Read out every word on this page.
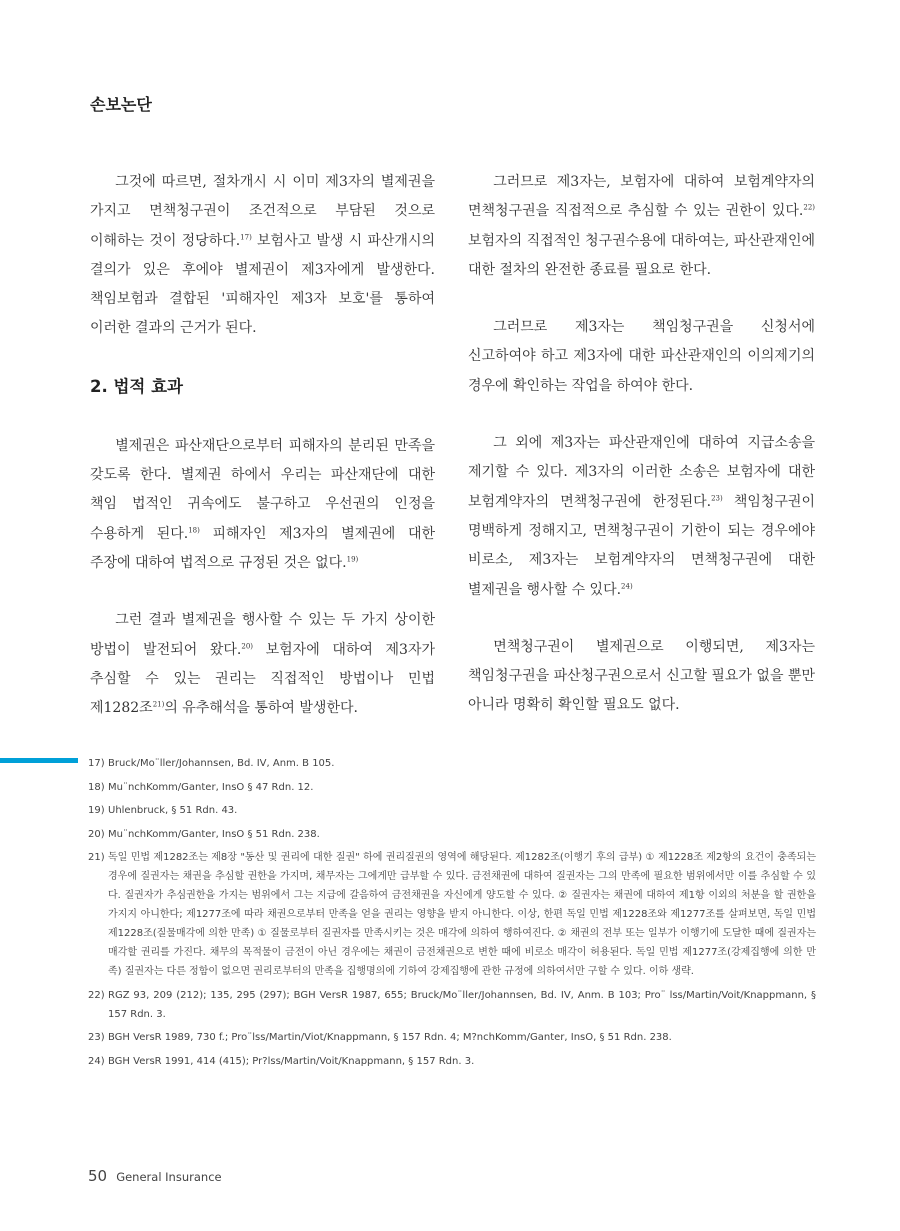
손보논단

그것에 따르면, 절차개시 시 이미 제3자의 별제권을 가지고 면책청구권이 조건적으로 부담된 것으로 이해하는 것이 정당하다.$^{17)}$ 보험사고 발생 시 파산개시의 결의가 있은 후에야 별제권이 제3자에게 발생한다. 책임보험과 결합된 '피해자인 제3자 보호'를 통하여 이러한 결과의 근거가 된다.

2. 법적 효과

별제권은 파산재단으로부터 피해자의 분리된 만족을 갖도록 한다. 별제권 하에서 우리는 파산재단에 대한 책임 법적인 귀속에도 불구하고 우선권의 인정을 수용하게 된다.$^{18)}$ 피해자인 제3자의 별제권에 대한 주장에 대하여 법적으로 규정된 것은 없다.$^{19)}$

그런 결과 별제권을 행사할 수 있는 두 가지 상이한 방법이 발전되어 왔다.$^{20)}$ 보험자에 대하여 제3자가 추심할 수 있는 권리는 직접적인 방법이나 민법 제1282조$^{21)}$의 유추해석을 통하여 발생한다.

그러므로 제3자는, 보험자에 대하여 보험계약자의 면책청구권을 직접적으로 추심할 수 있는 권한이 있다.$^{22)}$ 보험자의 직접적인 청구권수용에 대하여는, 파산관재인에 대한 절차의 완전한 종료를 필요로 한다.

그러므로 제3자는 책임청구권을 신청서에 신고하여야 하고 제3자에 대한 파산관재인의 이의제기의 경우에 확인하는 작업을 하여야 한다.

그 외에 제3자는 파산관재인에 대하여 지급소송을 제기할 수 있다. 제3자의 이러한 소송은 보험자에 대한 보험계약자의 면책청구권에 한정된다.$^{23)}$ 책임청구권이 명백하게 정해지고, 면책청구권이 기한이 되는 경우에야 비로소, 제3자는 보험계약자의 면책청구권에 대한 별제권을 행사할 수 있다.$^{24)}$

면책청구권이 별제권으로 이행되면, 제3자는 책임청구권을 파산청구권으로서 신고할 필요가 없을 뿐만 아니라 명확히 확인할 필요도 없다.

17) Bruck/Mo¨ller/Johannsen, Bd. IV, Anm. B 105.
18) Mu¨nchKomm/Ganter, InsO § 47 Rdn. 12.
19) Uhlenbruck, § 51 Rdn. 43.
20) Mu¨nchKomm/Ganter, InsO § 51 Rdn. 238.
21) 독일 민법 제1282조는 제8장 "동산 및 권리에 대한 질권" 하에 권리질권의 영역에 해당된다. 제1282조(이행기 후의 급부) ① 제1228조 제2항의 요건이 충족되는 경우에 질권자는 채권을 추심할 권한을 가지며, 채무자는 그에게만 급부할 수 있다. 금전채권에 대하여 질권자는 그의 만족에 필요한 범위에서만 이를 추심할 수 있다. 질권자가 추심권한을 가지는 범위에서 그는 지급에 갈음하여 금전채권을 자신에게 양도할 수 있다. ② 질권자는 채권에 대하여 제1항 이외의 처분을 할 권한을 가지지 아니한다; 제1277조에 따라 채권으로부터 만족을 얻을 권리는 영향을 받지 아니한다. 이상, 한편 독일 민법 제1228조와 제1277조를 살펴보면, 독일 민법 제1228조(질물매각에 의한 만족) ① 질물로부터 질권자를 만족시키는 것은 매각에 의하여 행하여진다. ② 채권의 전부 또는 일부가 이행기에 도달한 때에 질권자는 매각할 권리를 가진다. 채무의 목적물이 금전이 아닌 경우에는 채권이 금전채권으로 변한 때에 비로소 매각이 허용된다. 독일 민법 제1277조(강제집행에 의한 만족) 질권자는 다른 정함이 없으면 권리로부터의 만족을 집행명의에 기하여 강제집행에 관한 규정에 의하여서만 구할 수 있다. 이하 생략.
22) RGZ 93, 209 (212); 135, 295 (297); BGH VersR 1987, 655; Bruck/Mo¨ller/Johannsen, Bd. IV, Anm. B 103; Pro¨ lss/Martin/Voit/Knappmann, § 157 Rdn. 3.
23) BGH VersR 1989, 730 f.; Pro¨lss/Martin/Viot/Knappmann, § 157 Rdn. 4; M?nchKomm/Ganter, InsO, § 51 Rdn. 238.
24) BGH VersR 1991, 414 (415); Pr?lss/Martin/Voit/Knappmann, § 157 Rdn. 3.
50 General Insurance
